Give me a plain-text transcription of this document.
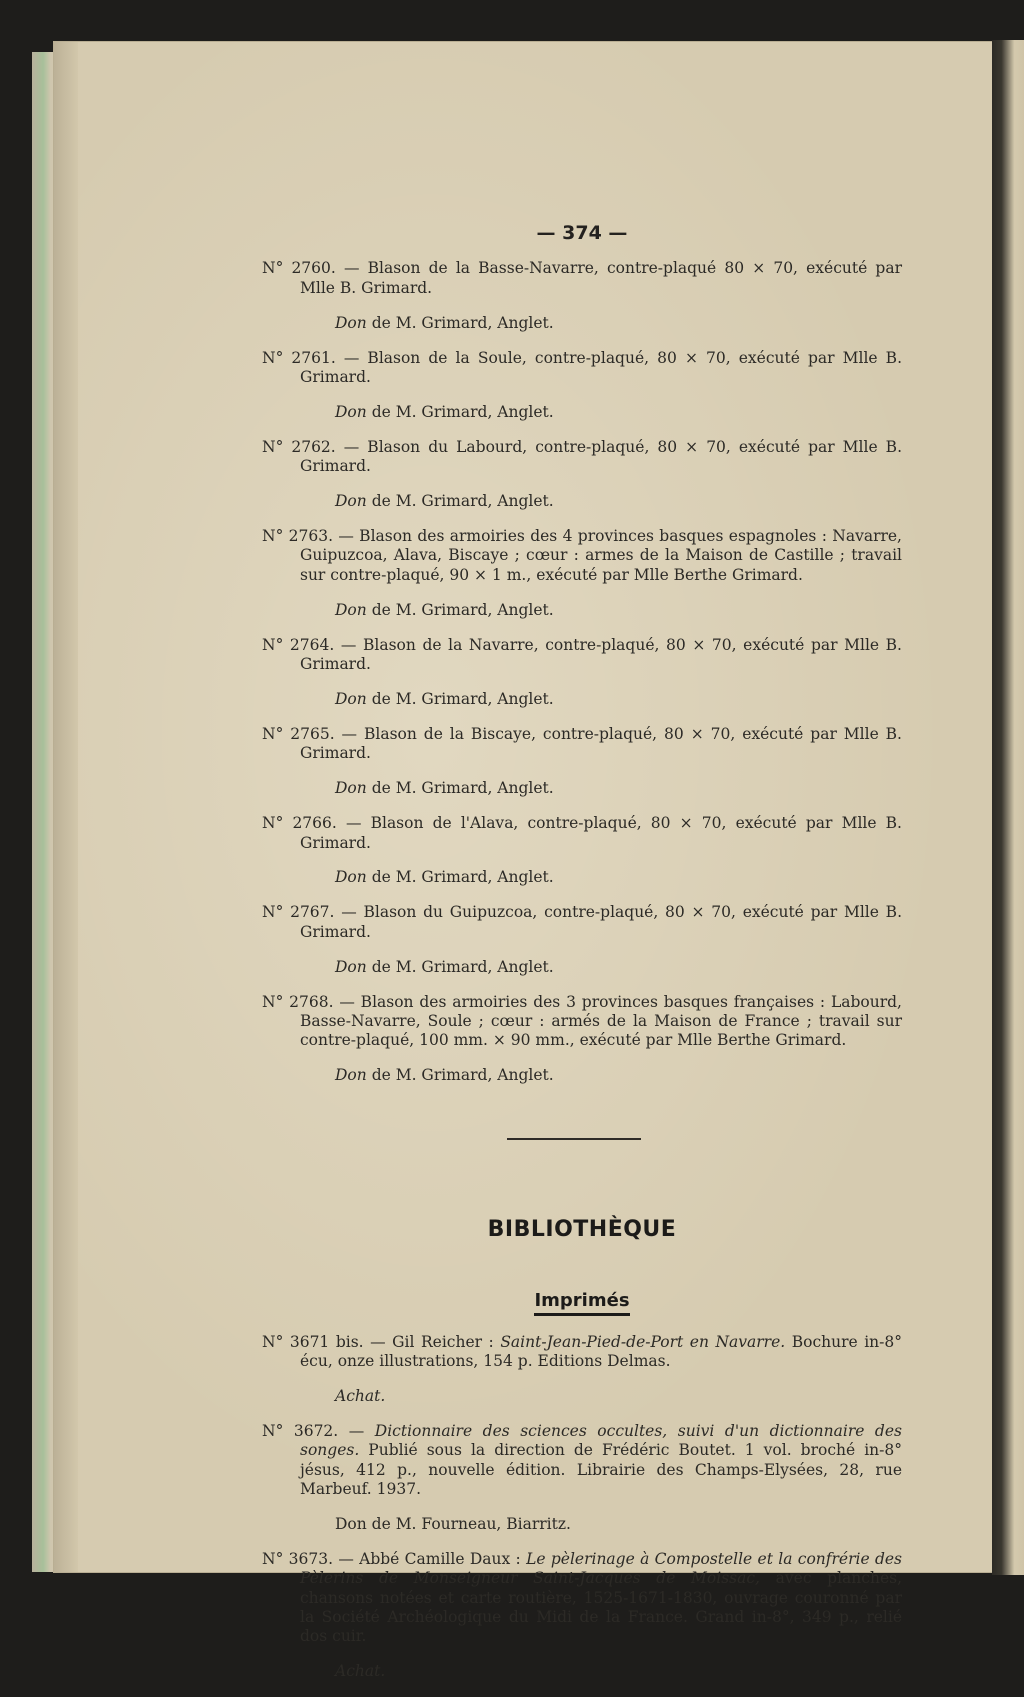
— 374 —

N° 2760. — Blason de la Basse-Navarre, contre-plaqué 80 × 70, exécuté par Mlle B. Grimard.

Don de M. Grimard, Anglet.

N° 2761. — Blason de la Soule, contre-plaqué, 80 × 70, exécuté par Mlle B. Grimard.

Don de M. Grimard, Anglet.

N° 2762. — Blason du Labourd, contre-plaqué, 80 × 70, exécuté par Mlle B. Grimard.

Don de M. Grimard, Anglet.

N° 2763. — Blason des armoiries des 4 provinces basques espagnoles : Navarre, Guipuzcoa, Alava, Biscaye ; cœur : armes de la Maison de Castille ; travail sur contre-plaqué, 90 × 1 m., exécuté par Mlle Berthe Grimard.

Don de M. Grimard, Anglet.

N° 2764. — Blason de la Navarre, contre-plaqué, 80 × 70, exécuté par Mlle B. Grimard.

Don de M. Grimard, Anglet.

N° 2765. — Blason de la Biscaye, contre-plaqué, 80 × 70, exécuté par Mlle B. Grimard.

Don de M. Grimard, Anglet.

N° 2766. — Blason de l'Alava, contre-plaqué, 80 × 70, exécuté par Mlle B. Grimard.

Don de M. Grimard, Anglet.

N° 2767. — Blason du Guipuzcoa, contre-plaqué, 80 × 70, exécuté par Mlle B. Grimard.

Don de M. Grimard, Anglet.

N° 2768. — Blason des armoiries des 3 provinces basques françaises : Labourd, Basse-Navarre, Soule ; cœur : armés de la Maison de France ; travail sur contre-plaqué, 100 mm. × 90 mm., exécuté par Mlle Berthe Grimard.

Don de M. Grimard, Anglet.

BIBLIOTHÈQUE
Imprimés

N° 3671 bis. — Gil Reicher : Saint-Jean-Pied-de-Port en Navarre. Bochure in-8° écu, onze illustrations, 154 p. Editions Delmas.

Achat.

N° 3672. — Dictionnaire des sciences occultes, suivi d'un dictionnaire des songes. Publié sous la direction de Frédéric Boutet. 1 vol. broché in-8° jésus, 412 p., nouvelle édition. Librairie des Champs-Elysées, 28, rue Marbeuf. 1937.

Don de M. Fourneau, Biarritz.

N° 3673. — Abbé Camille Daux : Le pèlerinage à Compostelle et la confrérie des Pèlerins de Monseigneur Saint-Jacques de Moissac, avec planches, chansons notées et carte routière, 1525-1671-1830, ouvrage couronné par la Société Archéologique du Midi de la France. Grand in-8°, 349 p., relié dos cuir.

Achat.
